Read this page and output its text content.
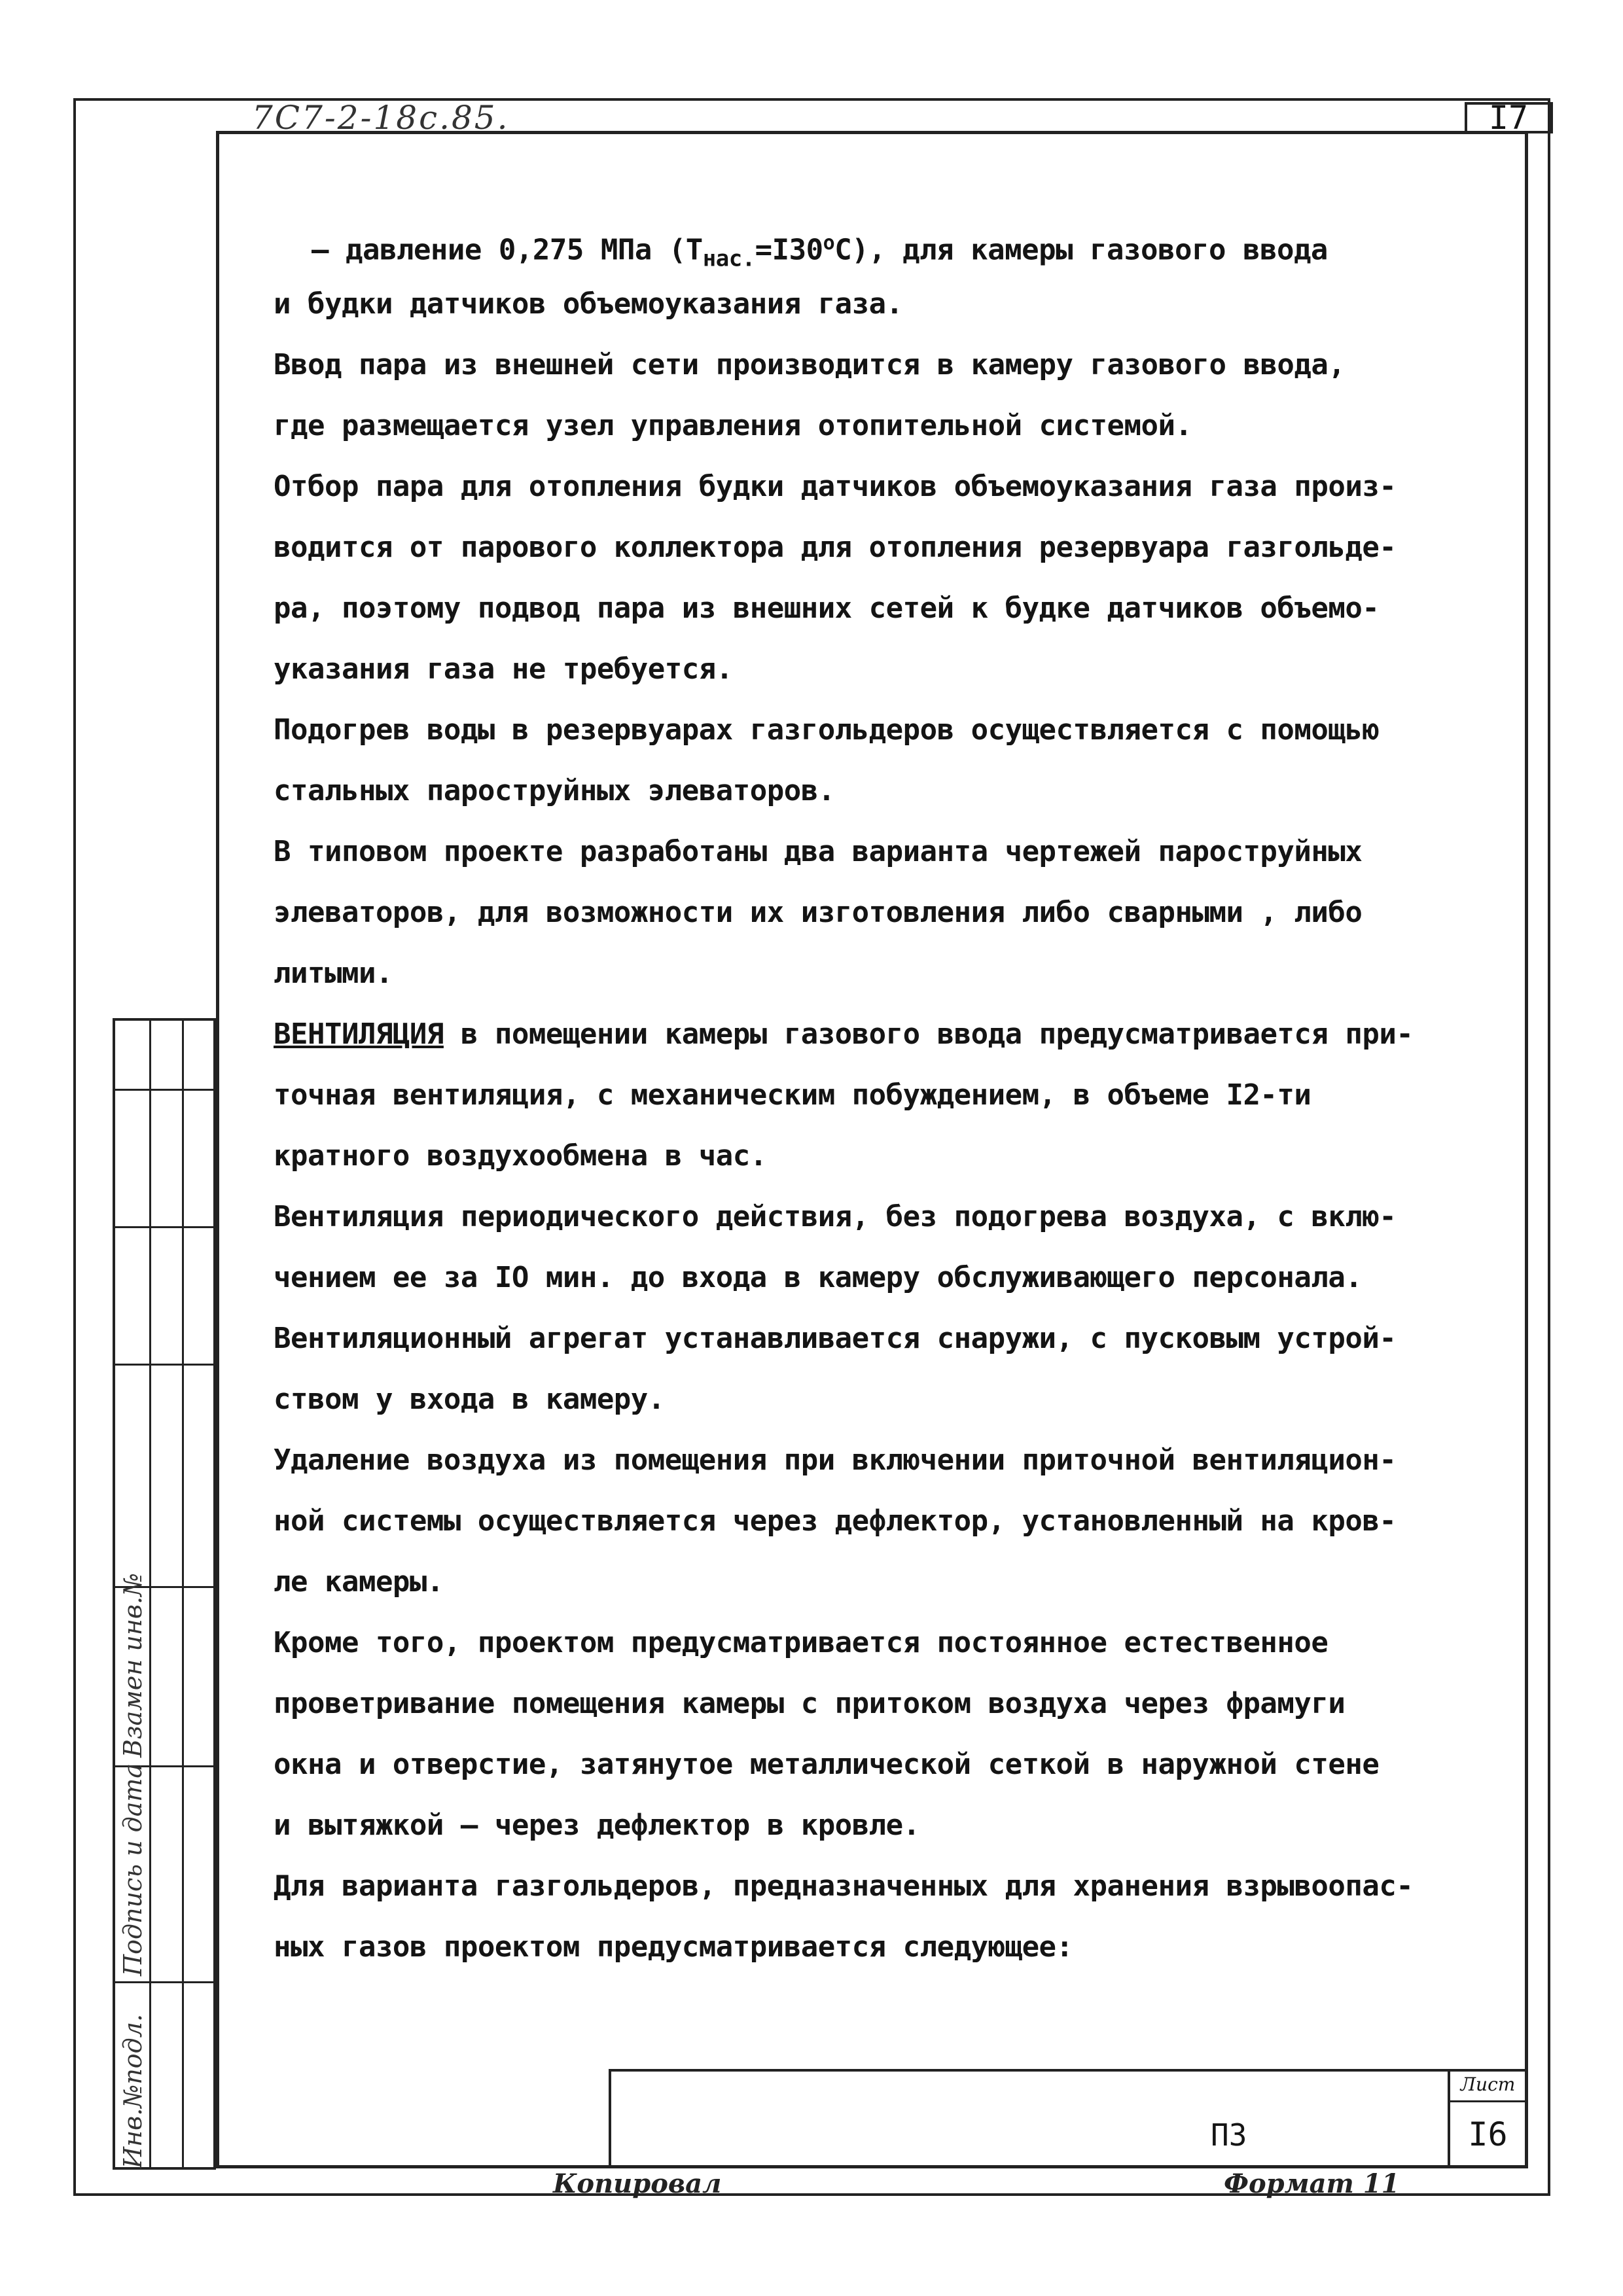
7С7-2-18с.85.	I7
– давление 0,275 МПа $(Т_{нас.}=I30^оС)$, для камеры газового ввода
и будки датчиков объемоуказания газа.
Ввод пара из внешней сети производится в камеру газового ввода,
где размещается узел управления отопительной системой.
Отбор пара для отопления будки датчиков объемоуказания газа произ-
водится от парового коллектора для отопления резервуара газгольде-
ра, поэтому подвод пара из внешних сетей к будке датчиков объемо-
указания газа не требуется.
Подогрев воды в резервуарах газгольдеров осуществляется с помощью
стальных пароструйных элеваторов.
В типовом проекте разработаны два варианта чертежей пароструйных
элеваторов, для возможности их изготовления либо сварными , либо
литыми.
ВЕНТИЛЯЦИЯ в помещении камеры газового ввода предусматривается при-
точная вентиляция, с механическим побуждением, в объеме I2-ти
кратного воздухообмена в час.
Вентиляция периодического действия, без подогрева воздуха, с вклю-
чением ее за IO мин. до входа в камеру обслуживающего персонала.
Вентиляционный агрегат устанавливается снаружи, с пусковым устрой-
ством у входа в камеру.
Удаление воздуха из помещения при включении приточной вентиляцион-
ной системы осуществляется через дефлектор, установленный на кров-
ле камеры.
Кроме того, проектом предусматривается постоянное естественное
проветривание помещения камеры с притоком воздуха через фрамуги
окна и отверстие, затянутое металлической сеткой в наружной стене
и вытяжкой – через дефлектор в кровле.
Для варианта газгольдеров, предназначенных для хранения взрывоопас-
ных газов проектом предусматривается следующее:
Инв.№подл.
Подпись и дата
Взамен инв.№
Лист
I6
ПЗ
Копировал	Формат 11
